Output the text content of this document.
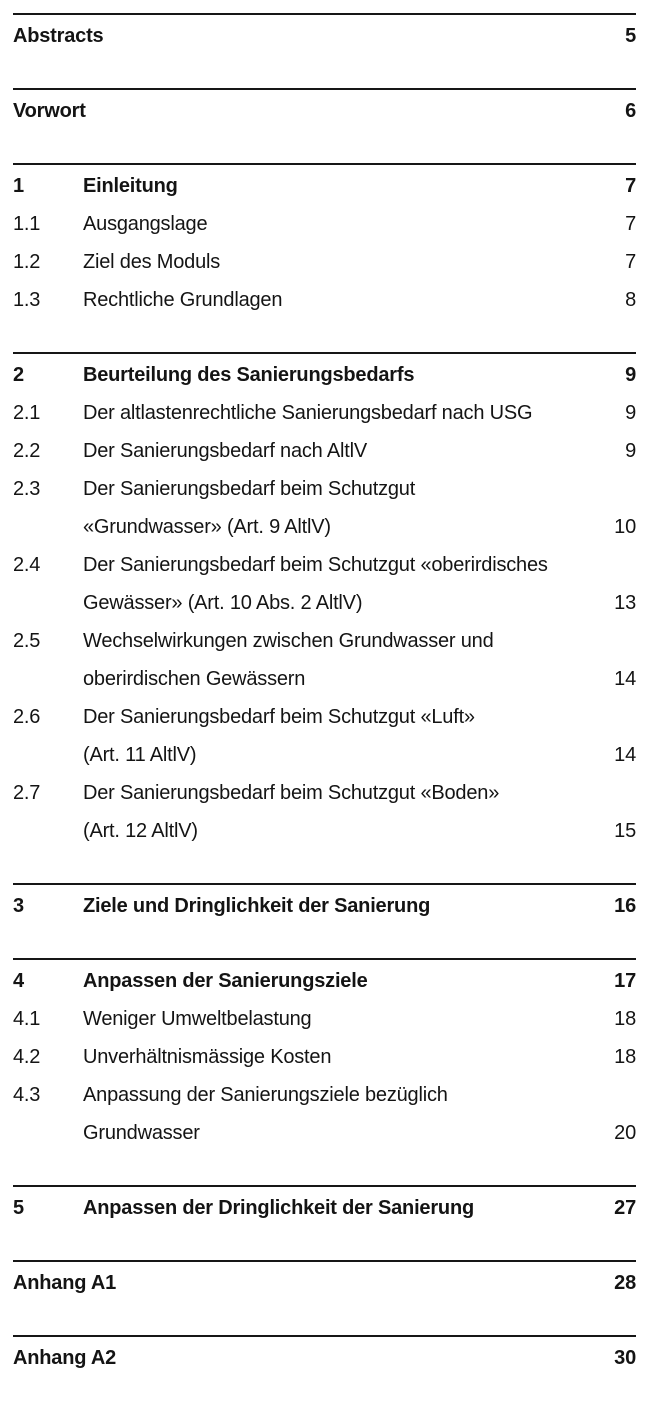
Abstracts	5
Vorwort	6
1	Einleitung	7
1.1	Ausgangslage	7
1.2	Ziel des Moduls	7
1.3	Rechtliche Grundlagen	8
2	Beurteilung des Sanierungsbedarfs	9
2.1	Der altlastenrechtliche Sanierungsbedarf nach USG	9
2.2	Der Sanierungsbedarf nach AltlV	9
2.3	Der Sanierungsbedarf beim Schutzgut
«Grundwasser» (Art. 9 AltlV)	10
2.4	Der Sanierungsbedarf beim Schutzgut «oberirdisches
Gewässer» (Art. 10 Abs. 2 AltlV)	13
2.5	Wechselwirkungen zwischen Grundwasser und
oberirdischen Gewässern	14
2.6	Der Sanierungsbedarf beim Schutzgut «Luft»
(Art. 11 AltlV)	14
2.7	Der Sanierungsbedarf beim Schutzgut «Boden»
(Art. 12 AltlV)	15
3	Ziele und Dringlichkeit der Sanierung	16
4	Anpassen der Sanierungsziele	17
4.1	Weniger Umweltbelastung	18
4.2	Unverhältnismässige Kosten	18
4.3	Anpassung der Sanierungsziele bezüglich
Grundwasser	20
5	Anpassen der Dringlichkeit der Sanierung	27
Anhang A1	28
Anhang A2	30
